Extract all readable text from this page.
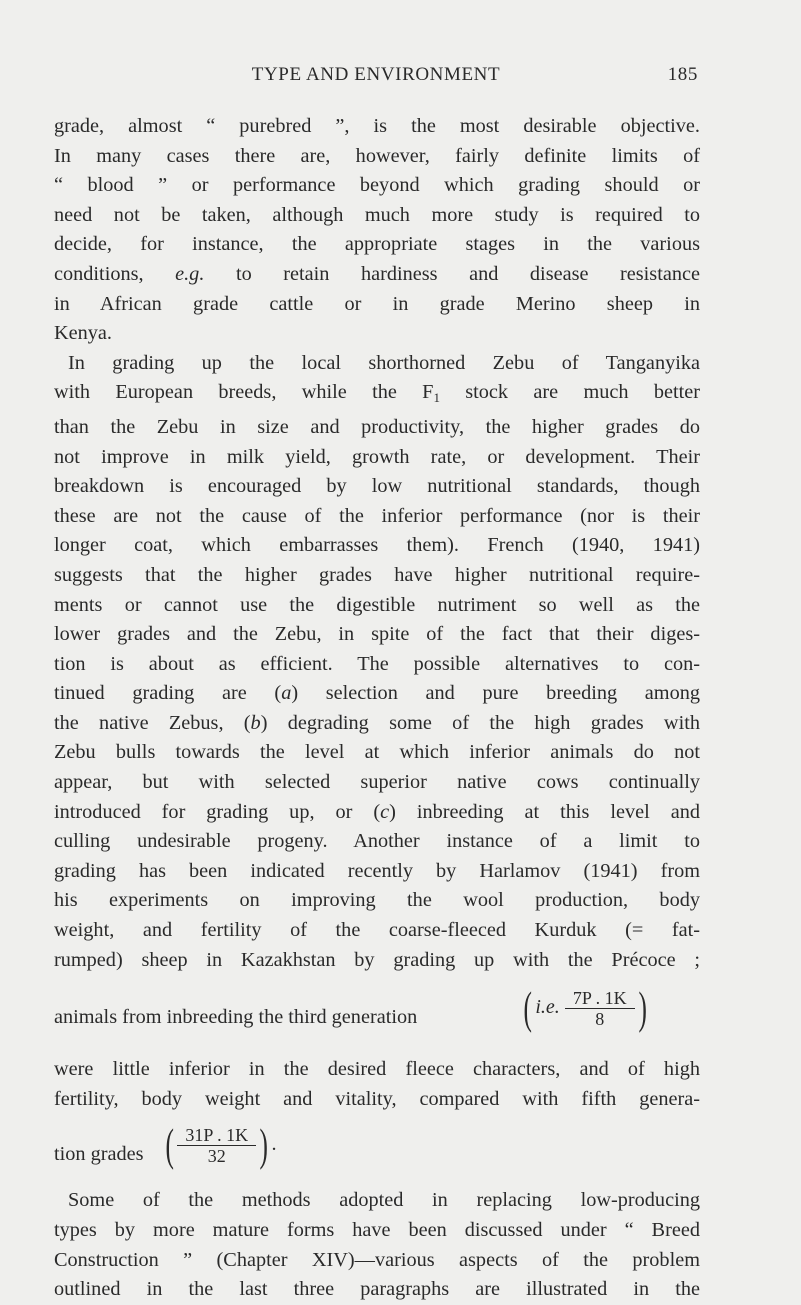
TYPE AND ENVIRONMENT	185
grade, almost “ purebred ”, is the most desirable objective.
In many cases there are, however, fairly definite limits of
“ blood ” or performance beyond which grading should or
need not be taken, although much more study is required to
decide, for instance, the appropriate stages in the various
conditions, e.g. to retain hardiness and disease resistance
in African grade cattle or in grade Merino sheep in
Kenya.
In grading up the local shorthorned Zebu of Tanganyika
with European breeds, while the $F_1$ stock are much better
than the Zebu in size and productivity, the higher grades do
not improve in milk yield, growth rate, or development. Their
breakdown is encouraged by low nutritional standards, though
these are not the cause of the inferior performance (nor is their
longer coat, which embarrasses them). French (1940, 1941)
suggests that the higher grades have higher nutritional require-
ments or cannot use the digestible nutriment so well as the
lower grades and the Zebu, in spite of the fact that their diges-
tion is about as efficient. The possible alternatives to con-
tinued grading are (a) selection and pure breeding among
the native Zebus, (b) degrading some of the high grades with
Zebu bulls towards the level at which inferior animals do not
appear, but with selected superior native cows continually
introduced for grading up, or (c) inbreeding at this level and
culling undesirable progeny. Another instance of a limit to
grading has been indicated recently by Harlamov (1941) from
his experiments on improving the wool production, body
weight, and fertility of the coarse-fleeced Kurduk (= fat-
rumped) sheep in Kazakhstan by grading up with the Précoce ;
animals from inbreeding the third generation ( i.e. $\frac{7P . 1K}{8}$ )
were little inferior in the desired fleece characters, and of high
fertility, body weight and vitality, compared with fifth genera-
tion grades ( $\frac{31P . 1K}{32}$ ) .
Some of the methods adopted in replacing low-producing
types by more mature forms have been discussed under “ Breed
Construction ” (Chapter XIV)—various aspects of the problem
outlined in the last three paragraphs are illustrated in the
